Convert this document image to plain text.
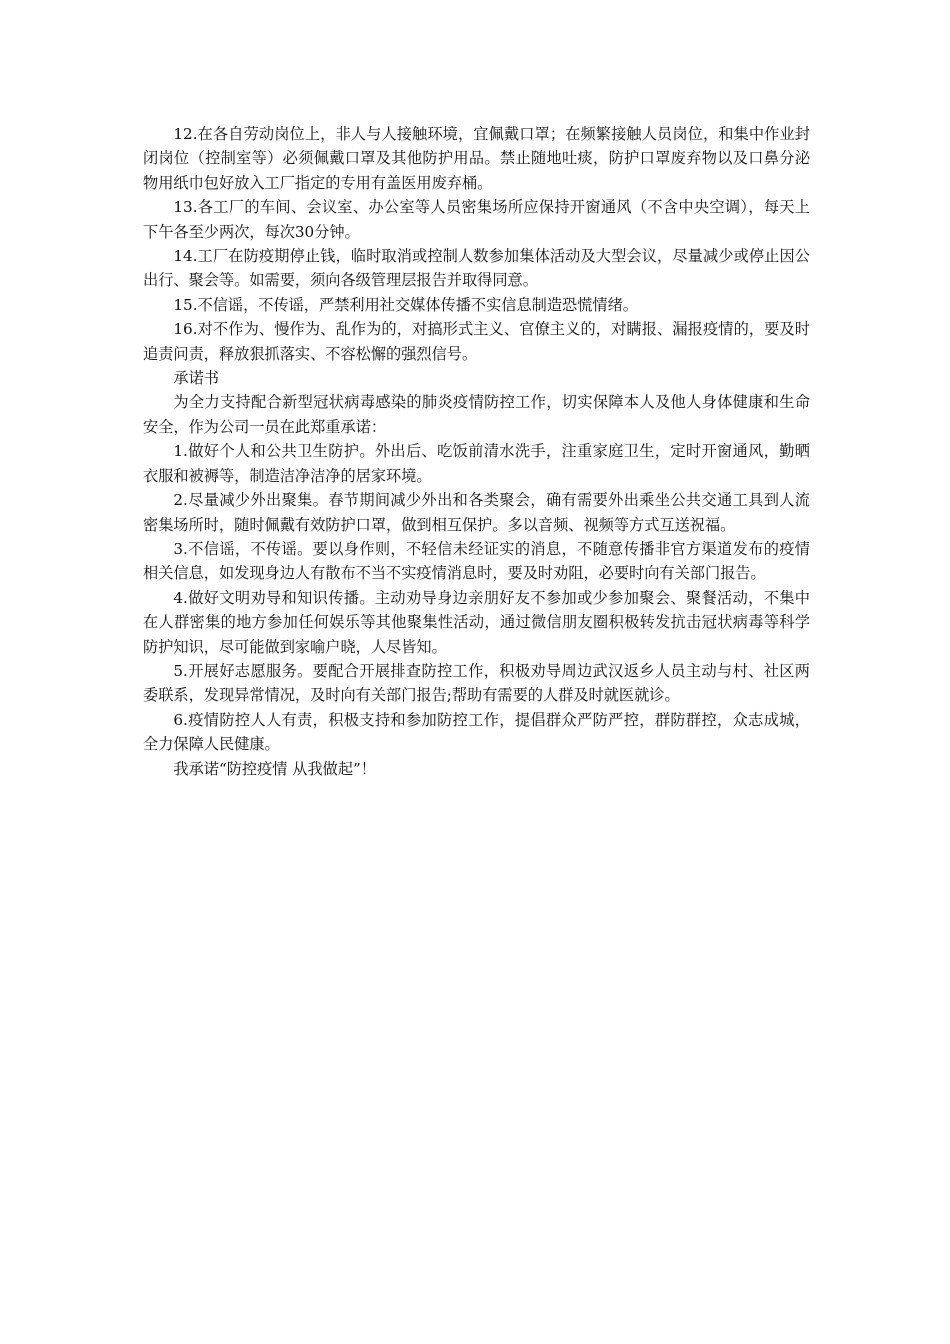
12.在各自劳动岗位上，非人与人接触环境，宜佩戴口罩；在频繁接触人员岗位，和集中作业封闭岗位（控制室等）必须佩戴口罩及其他防护用品。禁止随地吐痰，防护口罩废弃物以及口鼻分泌物用纸巾包好放入工厂指定的专用有盖医用废弃桶。

13.各工厂的车间、会议室、办公室等人员密集场所应保持开窗通风（不含中央空调），每天上下午各至少两次，每次30分钟。

14.工厂在防疫期停止钱，临时取消或控制人数参加集体活动及大型会议，尽量减少或停止因公出行、聚会等。如需要，须向各级管理层报告并取得同意。

15.不信谣，不传谣，严禁利用社交媒体传播不实信息制造恐慌情绪。

16.对不作为、慢作为、乱作为的，对搞形式主义、官僚主义的，对瞒报、漏报疫情的，要及时追责问责，释放狠抓落实、不容松懈的强烈信号。

承诺书

为全力支持配合新型冠状病毒感染的肺炎疫情防控工作，切实保障本人及他人身体健康和生命安全，作为公司一员在此郑重承诺：

1.做好个人和公共卫生防护。外出后、吃饭前清水洗手，注重家庭卫生，定时开窗通风，勤晒衣服和被褥等，制造洁净洁净的居家环境。

2.尽量减少外出聚集。春节期间减少外出和各类聚会，确有需要外出乘坐公共交通工具到人流密集场所时，随时佩戴有效防护口罩，做到相互保护。多以音频、视频等方式互送祝福。

3.不信谣，不传谣。要以身作则，不轻信未经证实的消息，不随意传播非官方渠道发布的疫情相关信息，如发现身边人有散布不当不实疫情消息时，要及时劝阻，必要时向有关部门报告。

4.做好文明劝导和知识传播。主动劝导身边亲朋好友不参加或少参加聚会、聚餐活动，不集中在人群密集的地方参加任何娱乐等其他聚集性活动，通过微信朋友圈积极转发抗击冠状病毒等科学防护知识，尽可能做到家喻户晓，人尽皆知。

5.开展好志愿服务。要配合开展排查防控工作，积极劝导周边武汉返乡人员主动与村、社区两委联系，发现异常情况，及时向有关部门报告;帮助有需要的人群及时就医就诊。

6.疫情防控人人有责，积极支持和参加防控工作，提倡群众严防严控，群防群控，众志成城，全力保障人民健康。

我承诺“防控疫情 从我做起”！
